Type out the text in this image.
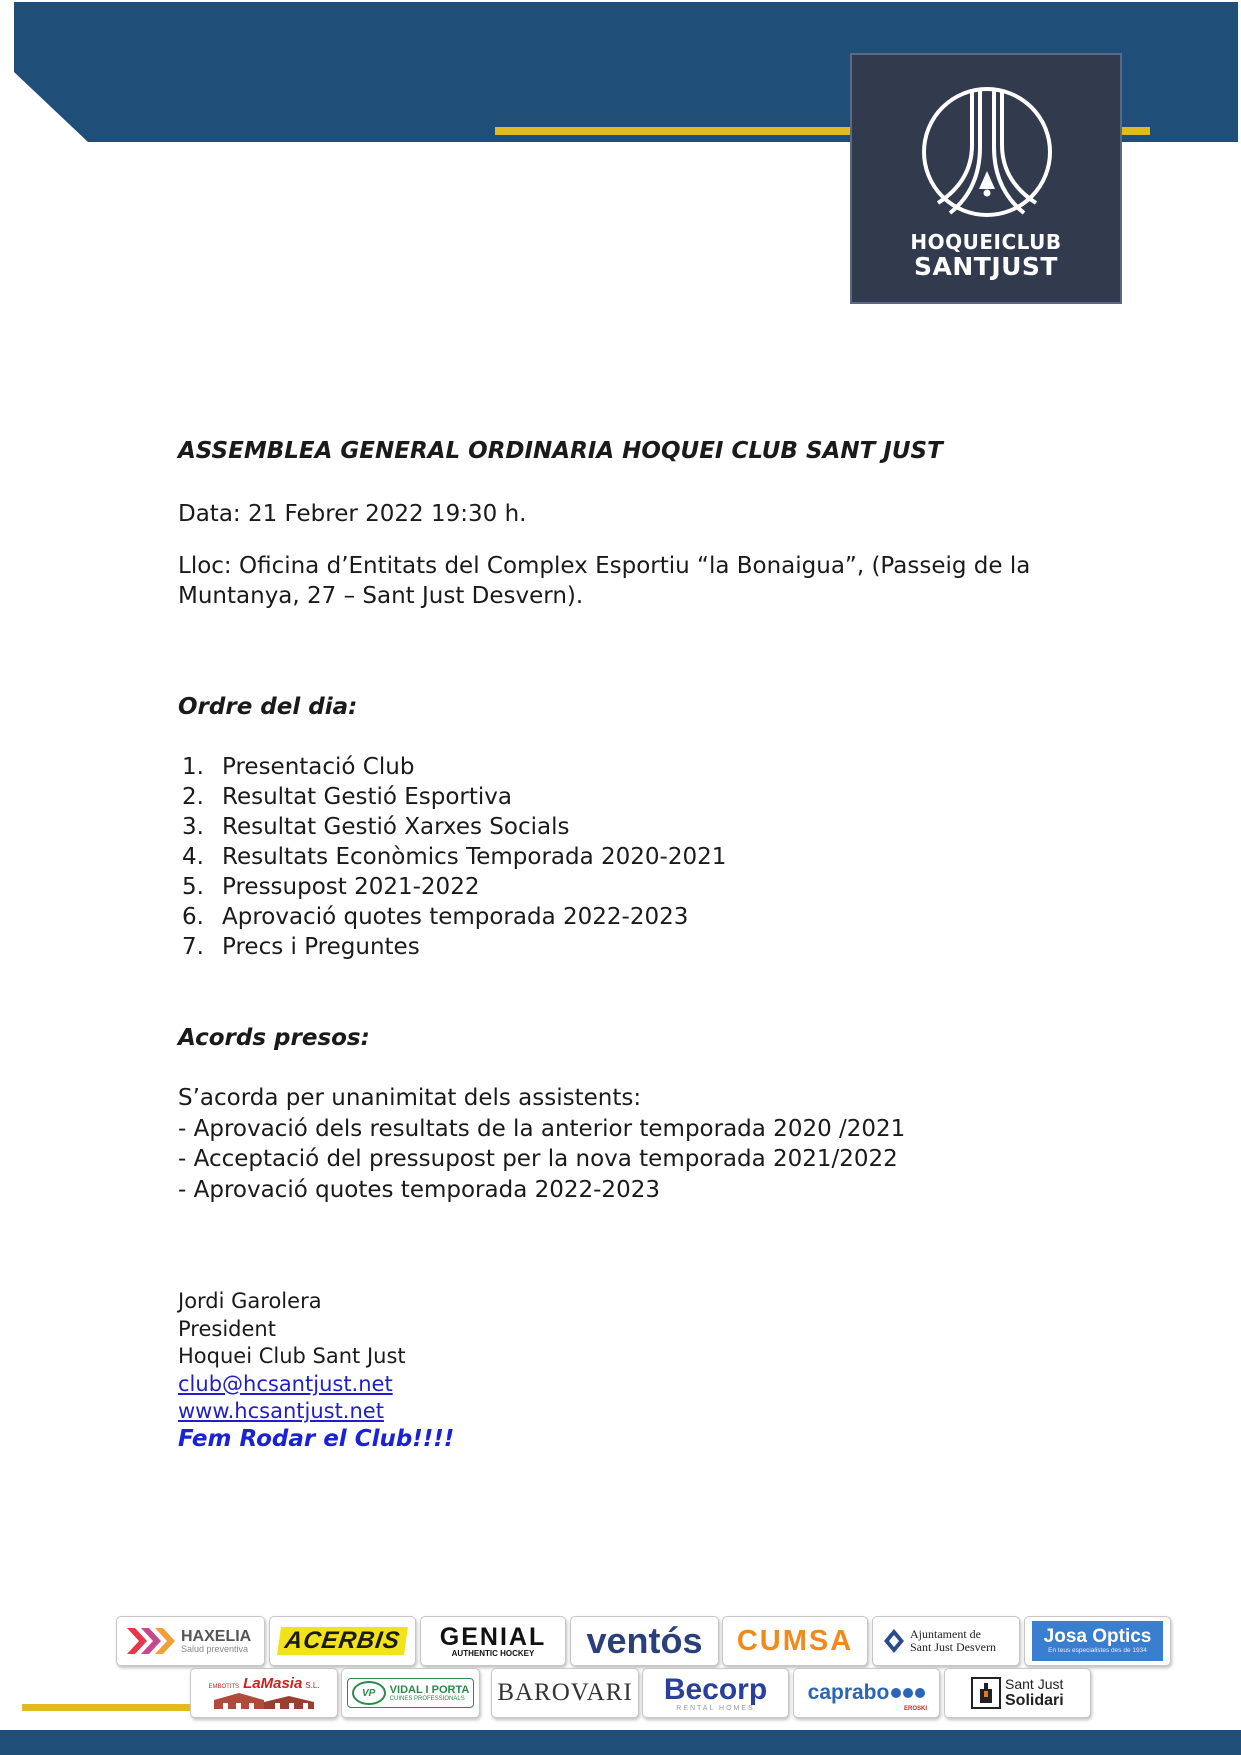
HOQUEICLUB
SANTJUST
ASSEMBLEA GENERAL ORDINARIA HOQUEI CLUB SANT JUST
Data: 21 Febrer 2022 19:30 h.
Lloc: Oficina d’Entitats del Complex Esportiu “la Bonaigua”, (Passeig de la
Muntanya, 27 – Sant Just Desvern).
Ordre del dia:
1. Presentació Club
2. Resultat Gestió Esportiva
3. Resultat Gestió Xarxes Socials
4. Resultats Econòmics Temporada 2020-2021
5. Pressupost 2021-2022
6. Aprovació quotes temporada 2022-2023
7. Precs i Preguntes
Acords presos:
S’acorda per unanimitat dels assistents:
- Aprovació dels resultats de la anterior temporada 2020 /2021
- Acceptació del pressupost per la nova temporada 2021/2022
- Aprovació quotes temporada 2022-2023
Jordi Garolera
President
Hoquei Club Sant Just
club@hcsantjust.net
www.hcsantjust.net
Fem Rodar el Club!!!!
HAXELIA
Salud preventiva ACERBIS GENIAL
AUTHENTIC HOCKEY ventós CUMSA	Ajuntament de
Sant Just Desvern	Josa Optics
En teus especialistes des de 1934
EMBOTITS LaMasia S.L.
VP	VIDAL I PORTA
CUINES PROFESSIONALS BAROVARI Becorp
RENTAL HOMES
caprabo
EROSKI
Sant Just
Solidari
